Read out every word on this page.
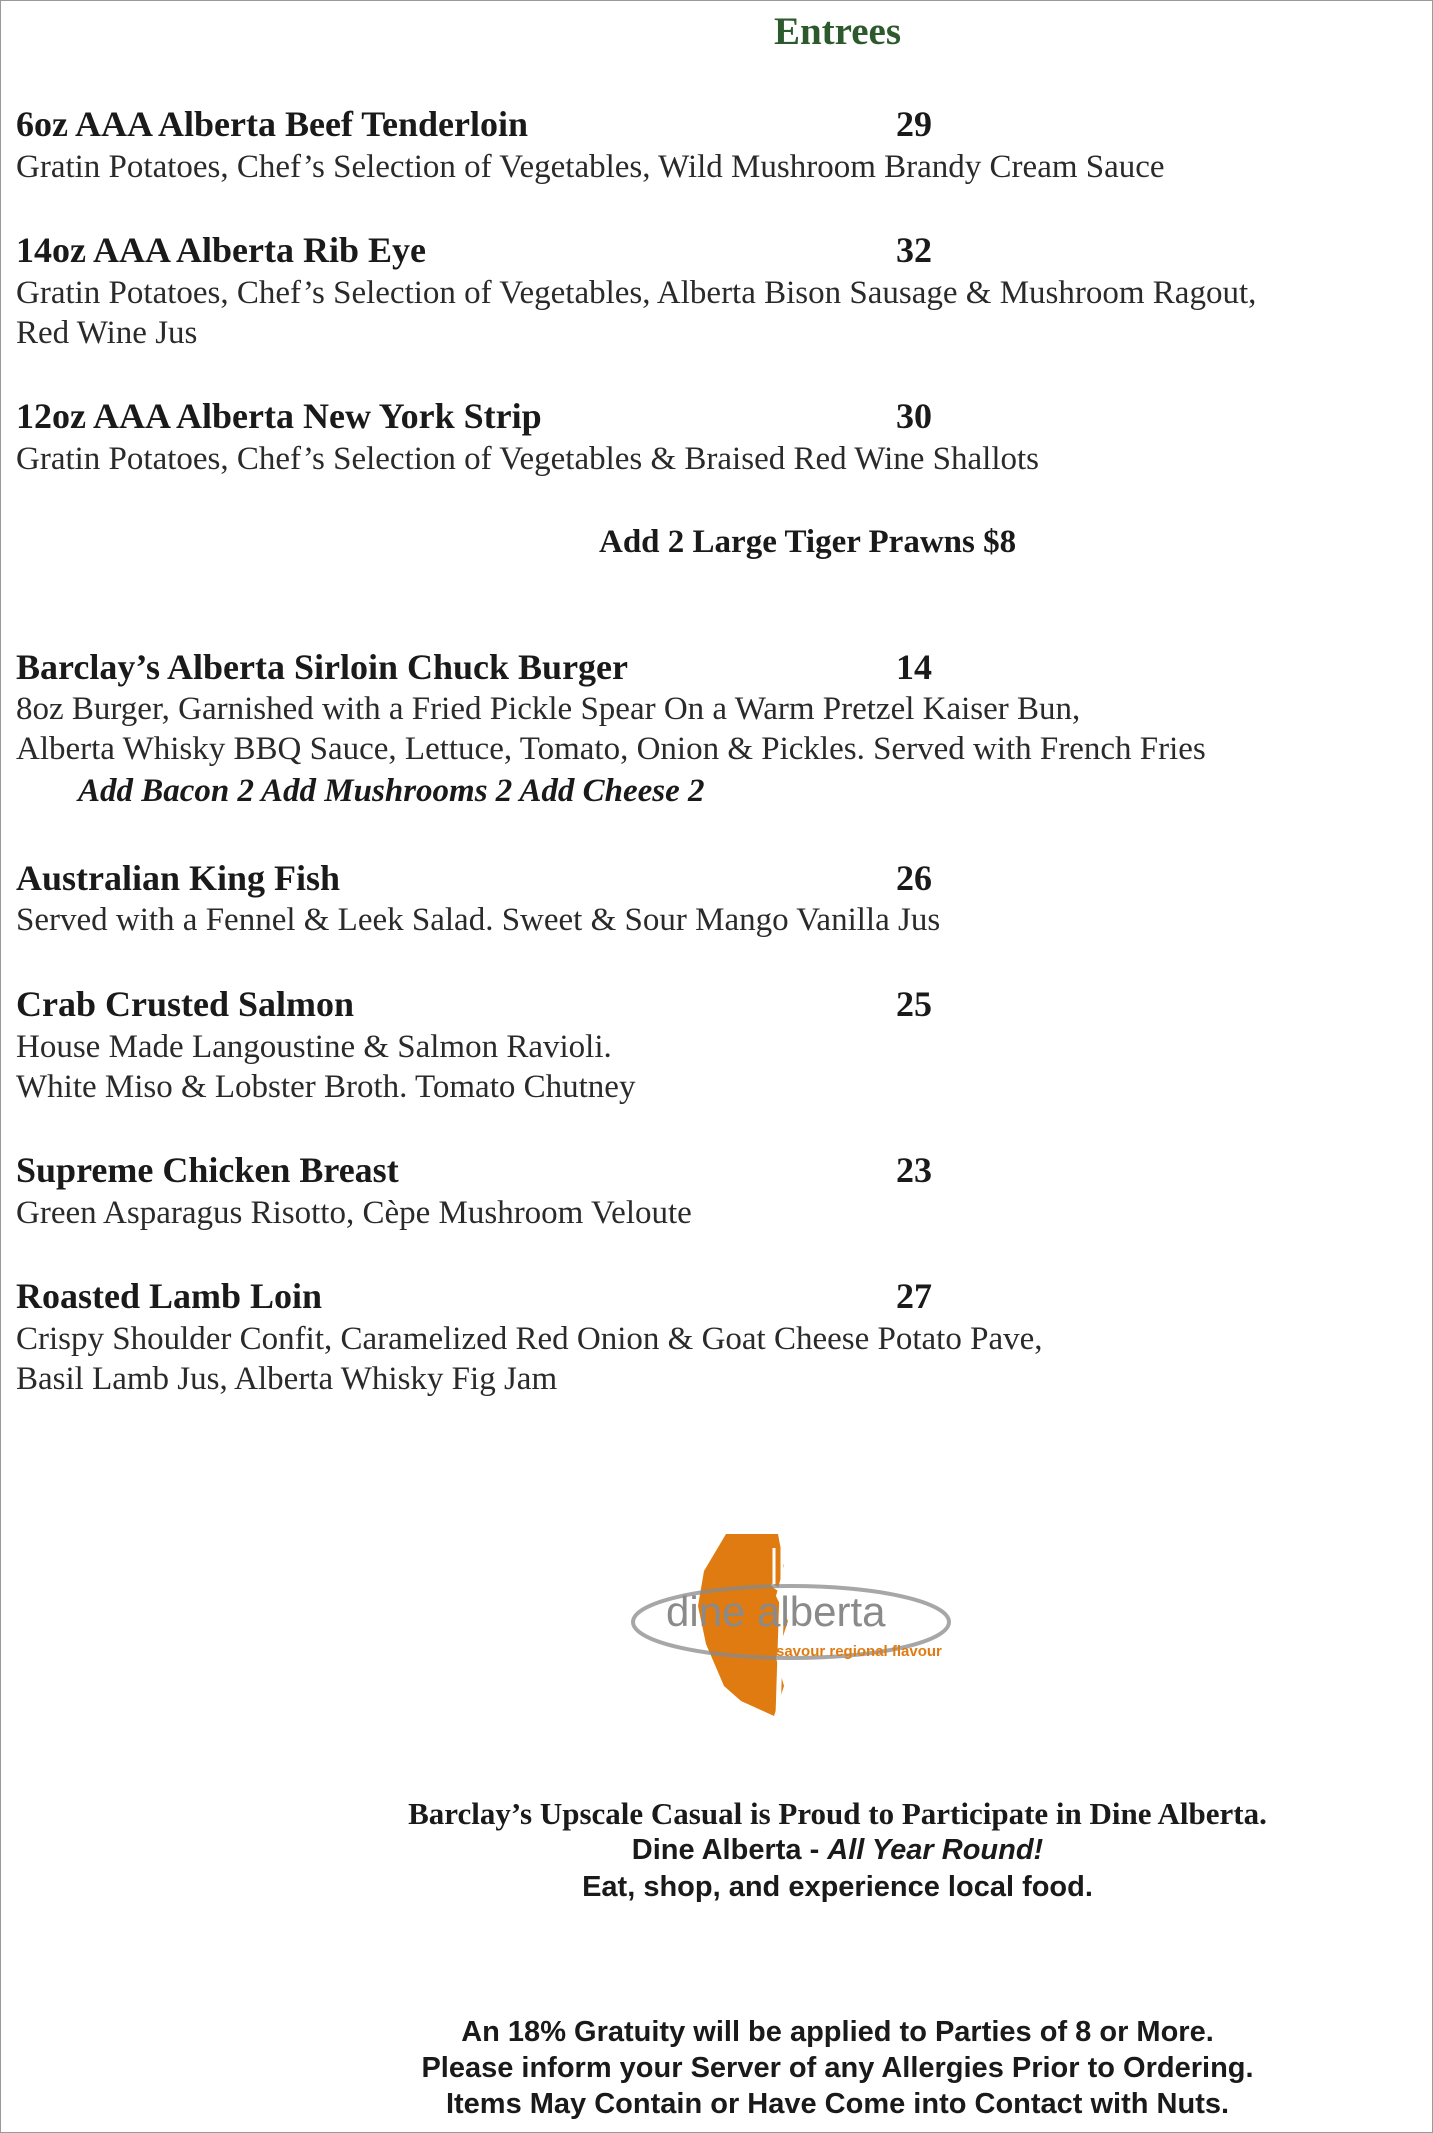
Entrees
6oz AAA Alberta Beef Tenderloin	29
Gratin Potatoes, Chef’s Selection of Vegetables, Wild Mushroom Brandy Cream Sauce
14oz AAA Alberta Rib Eye	32
Gratin Potatoes, Chef’s Selection of Vegetables, Alberta Bison Sausage & Mushroom Ragout,
Red Wine Jus
12oz AAA Alberta New York Strip	30
Gratin Potatoes, Chef’s Selection of Vegetables & Braised Red Wine Shallots
Add 2 Large Tiger Prawns $8
Barclay’s Alberta Sirloin Chuck Burger	14
8oz Burger, Garnished with a Fried Pickle Spear On a Warm Pretzel Kaiser Bun,
Alberta Whisky BBQ Sauce, Lettuce, Tomato, Onion & Pickles. Served with French Fries
Add Bacon 2 Add Mushrooms 2 Add Cheese 2
Australian King Fish	26
Served with a Fennel & Leek Salad. Sweet & Sour Mango Vanilla Jus
Crab Crusted Salmon	25
House Made Langoustine & Salmon Ravioli.
White Miso & Lobster Broth. Tomato Chutney
Supreme Chicken Breast	23
Green Asparagus Risotto, Cèpe Mushroom Veloute
Roasted Lamb Loin	27
Crispy Shoulder Confit, Caramelized Red Onion & Goat Cheese Potato Pave,
Basil Lamb Jus, Alberta Whisky Fig Jam
dine alberta
savour regional flavour
Barclay’s Upscale Casual is Proud to Participate in Dine Alberta.
Dine Alberta - All Year Round!
Eat, shop, and experience local food.
An 18% Gratuity will be applied to Parties of 8 or More.
Please inform your Server of any Allergies Prior to Ordering.
Items May Contain or Have Come into Contact with Nuts.
